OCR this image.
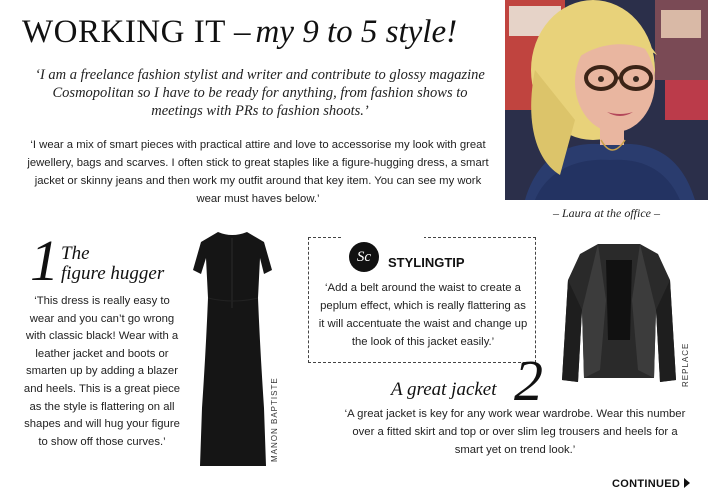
WORKING IT – my 9 to 5 style!

‘I am a freelance fashion stylist and writer and contribute to glossy magazine Cosmopolitan so I have to be ready for anything, from fashion shows to meetings with PRs to fashion shoots.’

‘I wear a mix of smart pieces with practical attire and love to accessorise my look with great jewellery, bags and scarves. I often stick to great staples like a figure-hugging dress, a smart jacket or skinny jeans and then work my outfit around that key item. You can see my work wear must haves below.’

– Laura at the office –
1 The
figure hugger

‘This dress is really easy to wear and you can’t go wrong with classic black! Wear with a leather jacket and boots or smarten up by adding a blazer and heels. This is a great piece as the style is flattering on all shapes and will hug your figure to show off those curves.’	MANON BAPTISTE
Sc	STYLINGTIP

‘Add a belt around the waist to create a peplum effect, which is really flattering as it will accentuate the waist and change up the look of this jacket easily.’

REPLACE
A great jacket 2

‘A great jacket is key for any work wear wardrobe. Wear this number over a fitted skirt and top or over slim leg trousers and heels for a smart yet on trend look.’

CONTINUED
